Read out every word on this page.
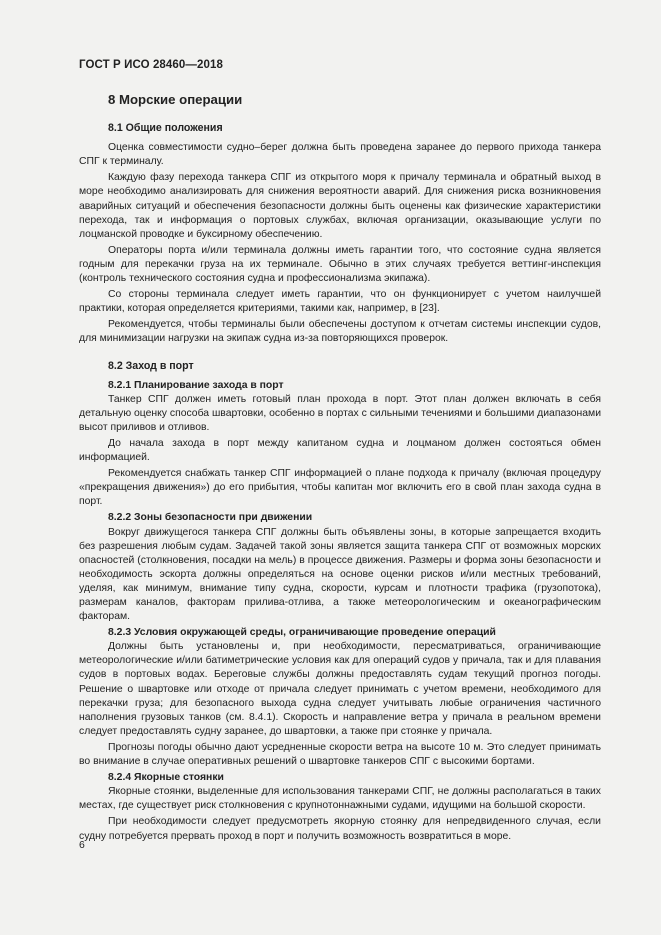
ГОСТ Р ИСО 28460—2018
8 Морские операции
8.1 Общие положения

Оценка совместимости судно–берег должна быть проведена заранее до первого прихода танкера СПГ к терминалу.

Каждую фазу перехода танкера СПГ из открытого моря к причалу терминала и обратный выход в море необходимо анализировать для снижения вероятности аварий. Для снижения риска возникновения аварийных ситуаций и обеспечения безопасности должны быть оценены как физические характеристики перехода, так и информация о портовых службах, включая организации, оказывающие услуги по лоцманской проводке и буксирному обеспечению.

Операторы порта и/или терминала должны иметь гарантии того, что состояние судна является годным для перекачки груза на их терминале. Обычно в этих случаях требуется веттинг-инспекция (контроль технического состояния судна и профессионализма экипажа).

Со стороны терминала следует иметь гарантии, что он функционирует с учетом наилучшей практики, которая определяется критериями, такими как, например, в [23].

Рекомендуется, чтобы терминалы были обеспечены доступом к отчетам системы инспекции судов, для минимизации нагрузки на экипаж судна из-за повторяющихся проверок.

8.2 Заход в порт
8.2.1 Планирование захода в порт

Танкер СПГ должен иметь готовый план прохода в порт. Этот план должен включать в себя детальную оценку способа швартовки, особенно в портах с сильными течениями и большими диапазонами высот приливов и отливов.

До начала захода в порт между капитаном судна и лоцманом должен состояться обмен информацией.

Рекомендуется снабжать танкер СПГ информацией о плане подхода к причалу (включая процедуру «прекращения движения») до его прибытия, чтобы капитан мог включить его в свой план захода судна в порт.

8.2.2 Зоны безопасности при движении

Вокруг движущегося танкера СПГ должны быть объявлены зоны, в которые запрещается входить без разрешения любым судам. Задачей такой зоны является защита танкера СПГ от возможных морских опасностей (столкновения, посадки на мель) в процессе движения. Размеры и форма зоны безопасности и необходимость эскорта должны определяться на основе оценки рисков и/или местных требований, уделяя, как минимум, внимание типу судна, скорости, курсам и плотности трафика (грузопотока), размерам каналов, факторам прилива-отлива, а также метеорологическим и океанографическим факторам.

8.2.3 Условия окружающей среды, ограничивающие проведение операций

Должны быть установлены и, при необходимости, пересматриваться, ограничивающие метеорологические и/или батиметрические условия как для операций судов у причала, так и для плавания судов в портовых водах. Береговые службы должны предоставлять судам текущий прогноз погоды. Решение о швартовке или отходе от причала следует принимать с учетом времени, необходимого для перекачки груза; для безопасного выхода судна следует учитывать любые ограничения частичного наполнения грузовых танков (см. 8.4.1). Скорость и направление ветра у причала в реальном времени следует предоставлять судну заранее, до швартовки, а также при стоянке у причала.

Прогнозы погоды обычно дают усредненные скорости ветра на высоте 10 м. Это следует принимать во внимание в случае оперативных решений о швартовке танкеров СПГ с высокими бортами.

8.2.4 Якорные стоянки

Якорные стоянки, выделенные для использования танкерами СПГ, не должны располагаться в таких местах, где существует риск столкновения с крупнотоннажными судами, идущими на большой скорости.

При необходимости следует предусмотреть якорную стоянку для непредвиденного случая, если судну потребуется прервать проход в порт и получить возможность возвратиться в море.

6
